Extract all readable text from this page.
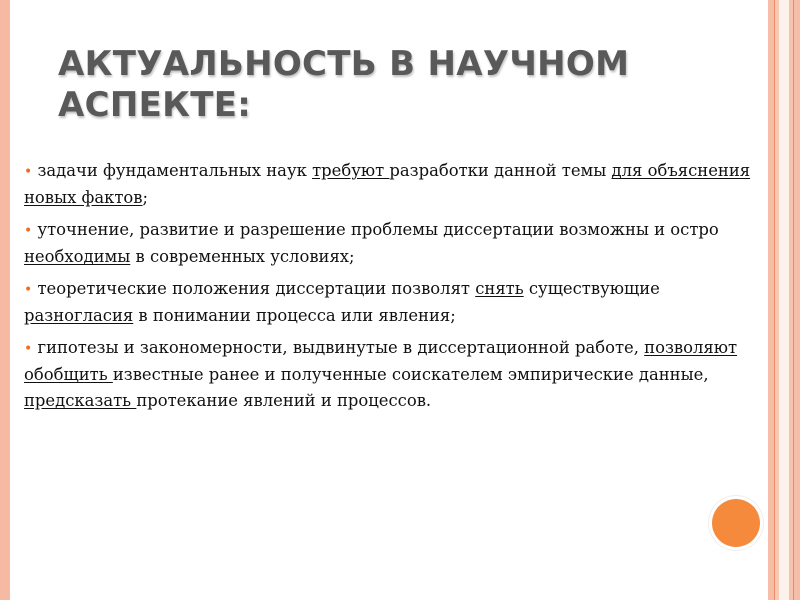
АКТУАЛЬНОСТЬ В НАУЧНОМ АСПЕКТЕ:

• задачи фундаментальных наук требуют разработки данной темы для объяснения новых фактов;

• уточнение, развитие и разрешение проблемы диссертации возможны и остро необходимы в современных условиях;

• теоретические положения диссертации позволят снять существующие разногласия в понимании процесса или явления;

• гипотезы и закономерности, выдвинутые в диссертационной работе, позволяют обобщить известные ранее и полученные соискателем эмпирические данные, предсказать протекание явлений и процессов.
